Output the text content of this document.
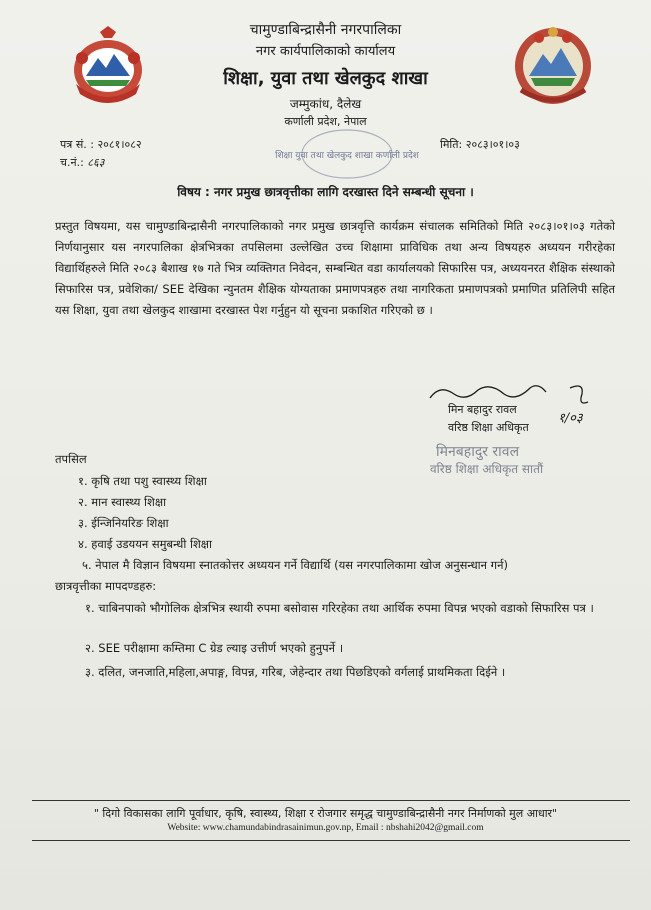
चामुण्डाबिन्द्रासैनी नगरपालिका
नगर कार्यपालिकाको कार्यालय
शिक्षा, युवा तथा खेलकुद शाखा
जम्मुकांध, दैलेख
कर्णाली प्रदेश, नेपाल
पत्र सं. : २०८१।०८२
च.नं.: ८६३
मिति: २०८३।०१।०३
शिक्षा युवा तथा खेलकुद शाखा कर्णाली प्रदेश
विषय : नगर प्रमुख छात्रवृत्तीका लागि दरखास्त दिने सम्बन्धी सूचना ।
प्रस्तुत विषयमा, यस चामुण्डाबिन्द्रासैनी नगरपालिकाको नगर प्रमुख छात्रवृत्ति कार्यक्रम संचालक समितिको मिति २०८३।०१।०३ गतेको निर्णयानुसार यस नगरपालिका क्षेत्रभित्रका तपसिलमा उल्लेखित उच्च शिक्षामा प्राविधिक तथा अन्य विषयहरु अध्ययन गरीरहेका विद्यार्थिहरुले मिति २०८३ बैशाख १७ गते भित्र व्यक्तिगत निवेदन, सम्बन्धित वडा कार्यालयको सिफारिस पत्र, अध्ययनरत शैक्षिक संस्थाको सिफारिस पत्र, प्रवेशिका/ SEE देखिका न्युनतम शैक्षिक योग्यताका प्रमाणपत्रहरु तथा नागरिकता प्रमाणपत्रको प्रमाणित प्रतिलिपी सहित यस शिक्षा, युवा तथा खेलकुद शाखामा दरखास्त पेश गर्नुहुन यो सूचना प्रकाशित गरिएको छ ।
मिन बहादुर रावल
वरिष्ठ शिक्षा अधिकृत
१/०३
मिनबहादुर रावल
वरिष्ठ शिक्षा अधिकृत सातौं
तपसिल
१. कृषि तथा पशु स्वास्थ्य शिक्षा
२. मान स्वास्थ्य शिक्षा
३. ईन्जिनियरिङ शिक्षा
४. हवाई उडययन समुबन्धी शिक्षा
५. नेपाल मै विज्ञान विषयमा स्नातकोत्तर अध्ययन गर्ने विद्यार्थि (यस नगरपालिकामा खोज अनुसन्धान गर्न)
छात्रवृत्तीका मापदण्डहरु:
१. चाबिनपाको भौगोलिक क्षेत्रभित्र स्थायी रुपमा बसोवास गरिरहेका तथा आर्थिक रुपमा विपन्न भएको वडाको सिफारिस पत्र ।
२. SEE परीक्षामा कम्तिमा C ग्रेड ल्याइ उत्तीर्ण भएको हुनुपर्ने ।
३. दलित, जनजाति,महिला,अपाङ्ग, विपन्न, गरिब, जेहेन्दार तथा पिछडिएको वर्गलाई प्राथमिकता दिईने ।
" दिगो विकासका लागि पूर्वाधार, कृषि, स्वास्थ्य, शिक्षा र रोजगार समृद्ध चामुण्डाबिन्द्रासैनी नगर निर्माणको मुल आधार"
Website: www.chamundabindrasainimun.gov.np, Email : nbshahi2042@gmail.com
